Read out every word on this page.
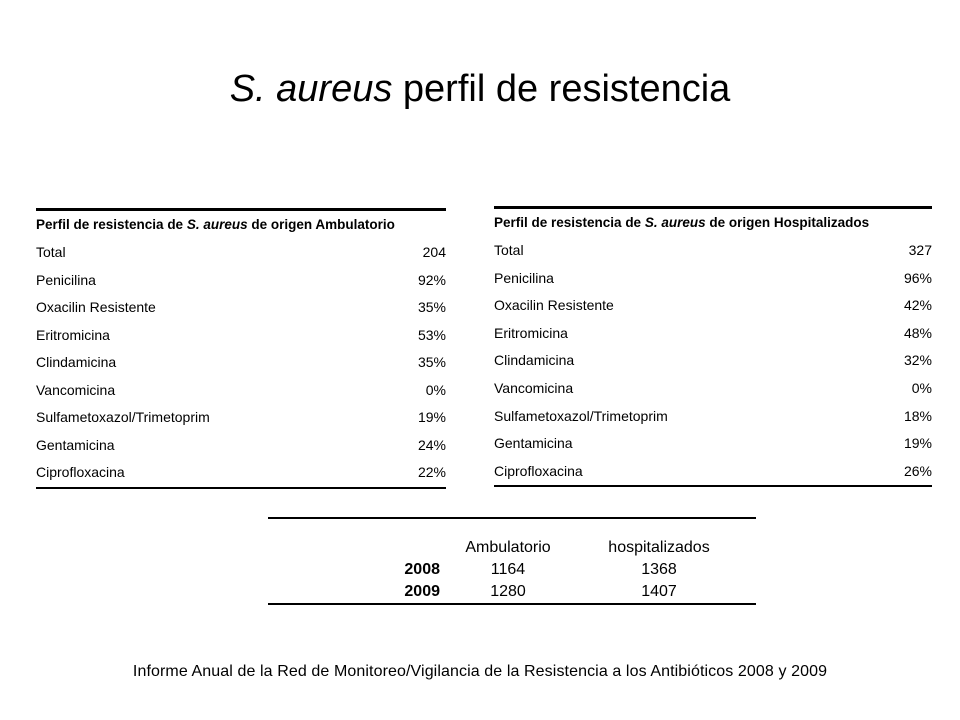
S. aureus perfil de resistencia
Perfil de resistencia de S. aureus de origen Ambulatorio
Total	204
Penicilina	92%
Oxacilin Resistente	35%
Eritromicina	53%
Clindamicina	35%
Vancomicina	0%
Sulfametoxazol/Trimetoprim	19%
Gentamicina	24%
Ciprofloxacina	22%
Perfil de resistencia de S. aureus de origen Hospitalizados
Total	327
Penicilina	96%
Oxacilin Resistente	42%
Eritromicina	48%
Clindamicina	32%
Vancomicina	0%
Sulfametoxazol/Trimetoprim	18%
Gentamicina	19%
Ciprofloxacina	26%
	Ambulatorio	hospitalizados
2008	1164	1368
2009	1280	1407
Informe Anual de la Red de Monitoreo/Vigilancia de la Resistencia a los Antibióticos 2008 y 2009
